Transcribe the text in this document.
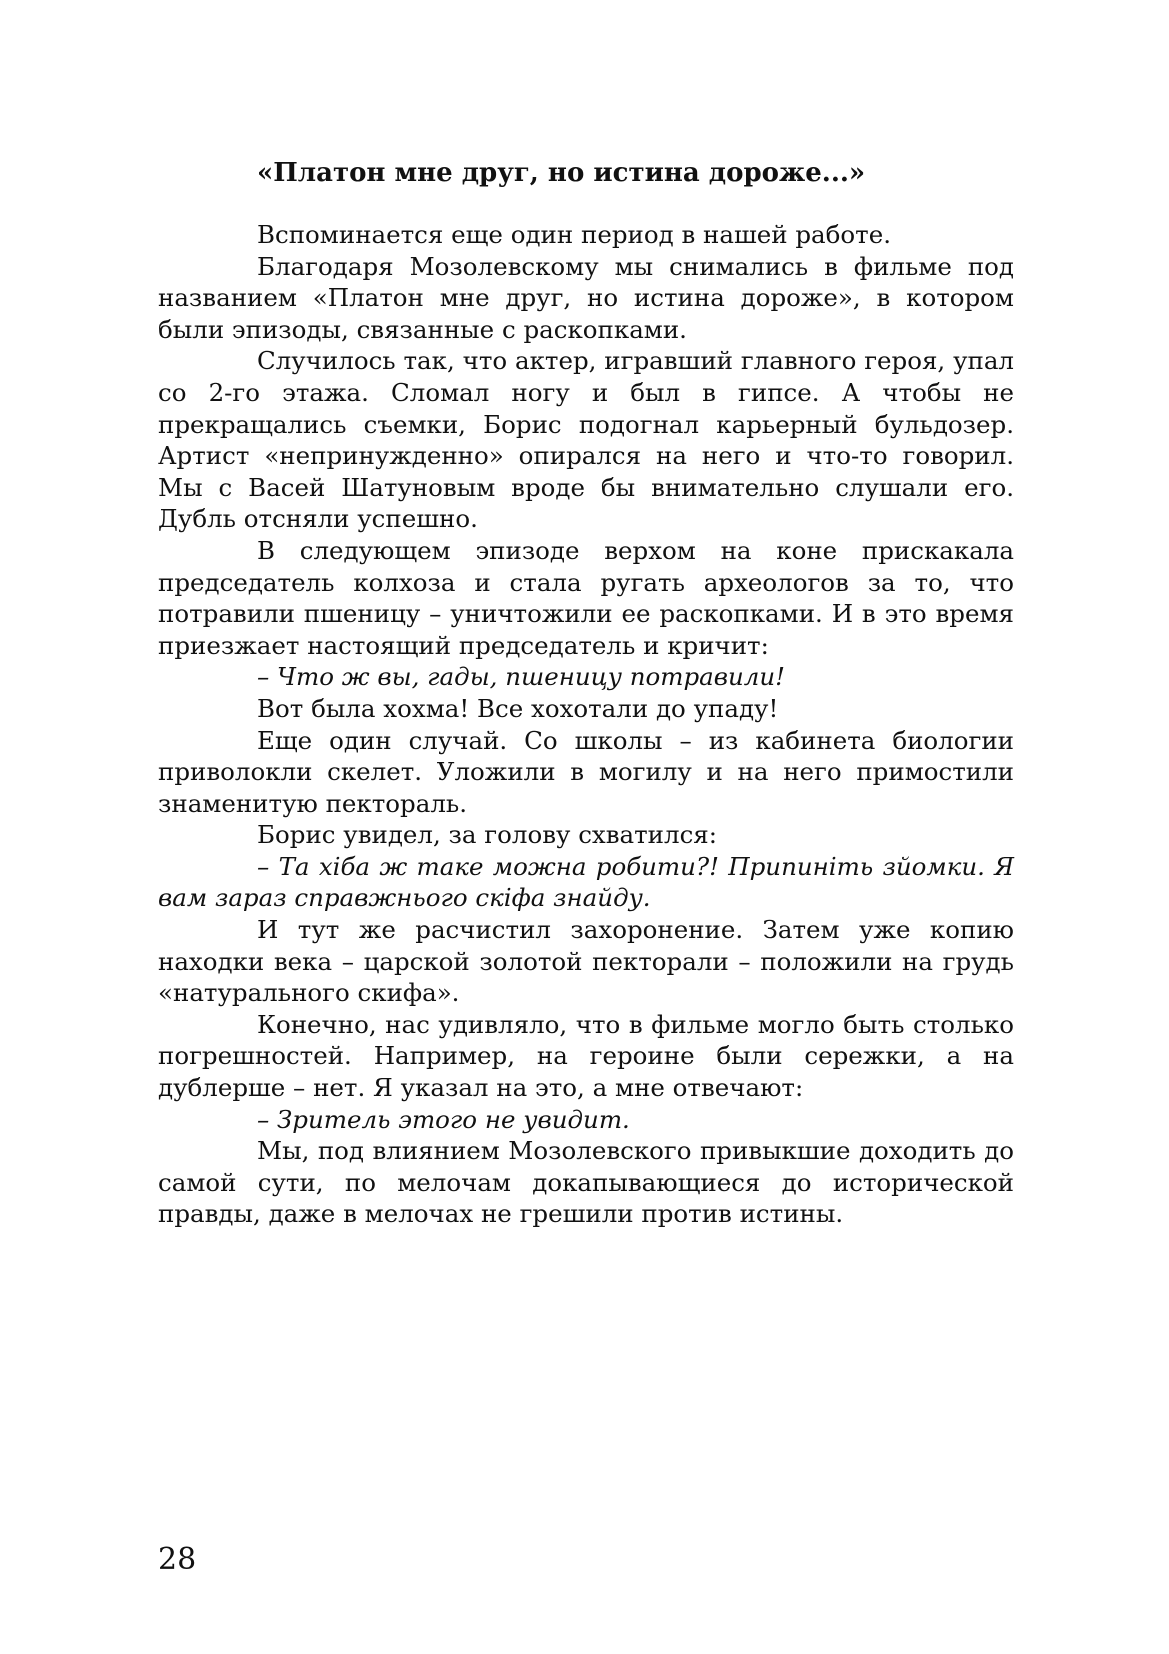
«Платон мне друг, но истина дороже...»

Вспоминается еще один период в нашей работе.

Благодаря Мозолевскому мы снимались в фильме под названием «Платон мне друг, но истина дороже», в котором были эпизоды, связанные с раскопками.

Случилось так, что актер, игравший главного героя, упал со 2-го этажа. Сломал ногу и был в гипсе. А чтобы не прекращались съемки, Борис подогнал карьерный бульдозер. Артист «непринужденно» опирался на него и что-то говорил. Мы с Васей Шатуновым вроде бы внимательно слушали его. Дубль отсняли успешно.

В следующем эпизоде верхом на коне прискакала председатель колхоза и стала ругать археологов за то, что потравили пшеницу – уничтожили ее раскопками. И в это время приезжает настоящий председатель и кричит:

– Что ж вы, гады, пшеницу потравили!

Вот была хохма! Все хохотали до упаду!

Еще один случай. Со школы – из кабинета биологии приволокли скелет. Уложили в могилу и на него примостили знаменитую пектораль.

Борис увидел, за голову схватился:

– Та хіба ж таке можна робити?! Припиніть зйомки. Я вам зараз справжнього скіфа знайду.

И тут же расчистил захоронение. Затем уже копию находки века – царской золотой пекторали – положили на грудь «натурального скифа».

Конечно, нас удивляло, что в фильме могло быть столько погрешностей. Например, на героине были сережки, а на дублерше – нет. Я указал на это, а мне отвечают:

– Зритель этого не увидит.

Мы, под влиянием Мозолевского привыкшие доходить до самой сути, по мелочам докапывающиеся до исторической правды, даже в мелочах не грешили против истины.

28
